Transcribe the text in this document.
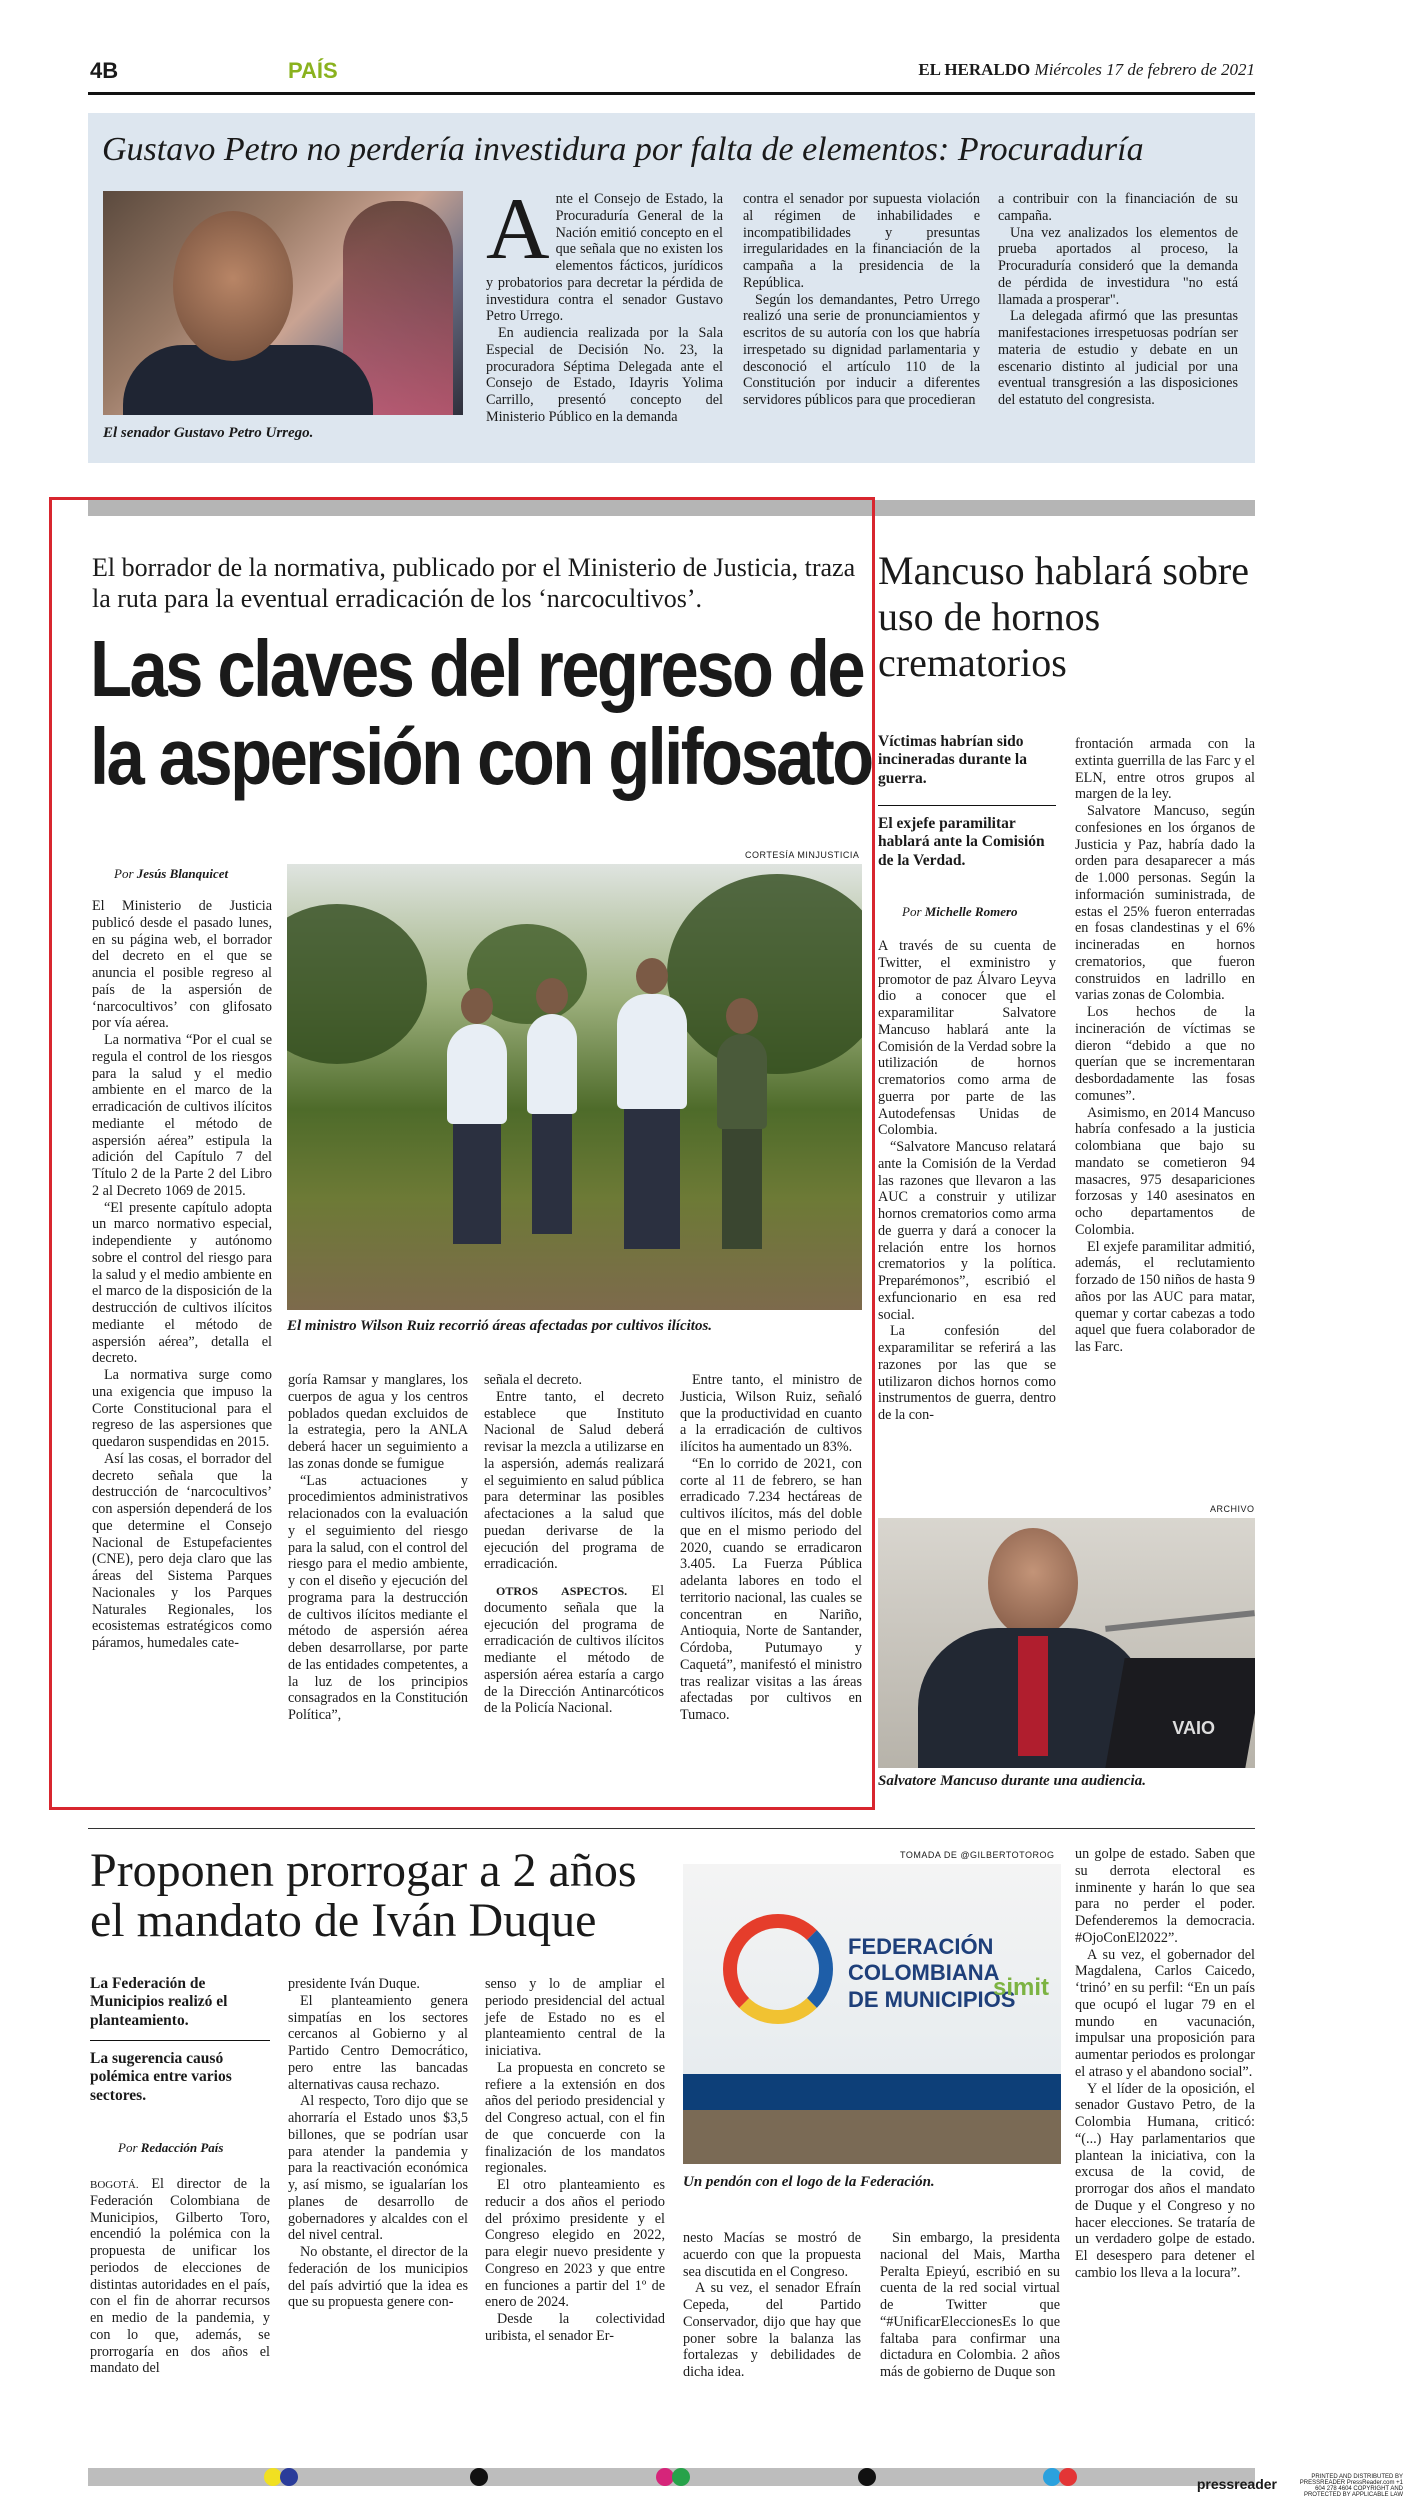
4B	PAÍS	EL HERALDO Miércoles 17 de febrero de 2021
Gustavo Petro no perdería investidura por falta de elementos: Procuraduría
El senador Gustavo Petro Urrego.
A nte el Consejo de Estado, la Procuraduría General de la Nación emitió concepto en el que señala que no existen los elementos fácticos, jurídicos y probatorios para decretar la pérdida de investidura contra el senador Gustavo Petro Urrego.

En audiencia realizada por la Sala Especial de Decisión No. 23, la procuradora Séptima Delegada ante el Consejo de Estado, Idayris Yolima Carrillo, presentó concepto del Ministerio Público en la demanda

contra el senador por supuesta violación al régimen de inhabilidades e incompatibilidades y presuntas irregularidades en la financiación de la campaña a la presidencia de la República.

Según los demandantes, Petro Urrego realizó una serie de pronunciamientos y escritos de su autoría con los que habría irrespetado su dignidad parlamentaria y desconoció el artículo 110 de la Constitución por inducir a diferentes servidores públicos para que procedieran

a contribuir con la financiación de su campaña.

Una vez analizados los elementos de prueba aportados al proceso, la Procuraduría consideró que la demanda de pérdida de investidura "no está llamada a prosperar".

La delegada afirmó que las presuntas manifestaciones irrespetuosas podrían ser materia de estudio y debate en un escenario distinto al judicial por una eventual transgresión a las disposiciones del estatuto del congresista.

El borrador de la normativa, publicado por el Ministerio de Justicia, traza la ruta para la eventual erradicación de los ‘narcocultivos’.
Las claves del regreso de
la aspersión con glifosato
CORTESÍA MINJUSTICIA
Por Jesús Blanquicet
El ministro Wilson Ruiz recorrió áreas afectadas por cultivos ilícitos.

El Ministerio de Justicia publicó desde el pasado lunes, en su página web, el borrador del decreto en el que se anuncia el posible regreso al país de la aspersión de ‘narcocultivos’ con glifosato por vía aérea.

La normativa “Por el cual se regula el control de los riesgos para la salud y el medio ambiente en el marco de la erradicación de cultivos ilícitos mediante el método de aspersión aérea” estipula la adición del Capítulo 7 del Título 2 de la Parte 2 del Libro 2 al Decreto 1069 de 2015.

“El presente capítulo adopta un marco normativo especial, independiente y autónomo sobre el control del riesgo para la salud y el medio ambiente en el marco de la disposición de la destrucción de cultivos ilícitos mediante el método de aspersión aérea”, detalla el decreto.

La normativa surge como una exigencia que impuso la Corte Constitucional para el regreso de las aspersiones que quedaron suspendidas en 2015.

Así las cosas, el borrador del decreto señala que la destrucción de ‘narcocultivos’ con aspersión dependerá de los que determine el Consejo Nacional de Estupefacientes (CNE), pero deja claro que las áreas del Sistema Parques Nacionales y los Parques Naturales Regionales, los ecosistemas estratégicos como páramos, humedales cate-

goría Ramsar y manglares, los cuerpos de agua y los centros poblados quedan excluidos de la estrategia, pero la ANLA deberá hacer un seguimiento a las zonas donde se fumigue

“Las actuaciones y procedimientos administrativos relacionados con la evaluación y el seguimiento del riesgo para la salud, con el control del riesgo para el medio ambiente, y con el diseño y ejecución del programa para la destrucción de cultivos ilícitos mediante el método de aspersión aérea deben desarrollarse, por parte de las entidades competentes, a la luz de los principios consagrados en la Constitución Política”,

señala el decreto.

Entre tanto, el decreto establece que Instituto Nacional de Salud deberá revisar la mezcla a utilizarse en la aspersión, además realizará el seguimiento en salud pública para determinar las posibles afectaciones a la salud que puedan derivarse de la ejecución del programa de erradicación.

OTROS ASPECTOS. El documento señala que la ejecución del programa de erradicación de cultivos ilícitos mediante el método de aspersión aérea estaría a cargo de la Dirección Antinarcóticos de la Policía Nacional.

Entre tanto, el ministro de Justicia, Wilson Ruiz, señaló que la productividad en cuanto a la erradicación de cultivos ilícitos ha aumentado un 83%.

“En lo corrido de 2021, con corte al 11 de febrero, se han erradicado 7.234 hectáreas de cultivos ilícitos, más del doble que en el mismo periodo del 2020, cuando se erradicaron 3.405. La Fuerza Pública adelanta labores en todo el territorio nacional, las cuales se concentran en Nariño, Antioquia, Norte de Santander, Córdoba, Putumayo y Caquetá”, manifestó el ministro tras realizar visitas a las áreas afectadas por cultivos en Tumaco.

Mancuso hablará sobre uso de hornos crematorios
Víctimas habrían sido incineradas durante la guerra.
El exjefe paramilitar hablará ante la Comisión de la Verdad.
Por Michelle Romero

A través de su cuenta de Twitter, el exministro y promotor de paz Álvaro Leyva dio a conocer que el exparamilitar Salvatore Mancuso hablará ante la Comisión de la Verdad sobre la utilización de hornos crematorios como arma de guerra por parte de las Autodefensas Unidas de Colombia.

“Salvatore Mancuso relatará ante la Comisión de la Verdad las razones que llevaron a las AUC a construir y utilizar hornos crematorios como arma de guerra y dará a conocer la relación entre los hornos crematorios y la política. Preparémonos”, escribió el exfuncionario en esa red social.

La confesión del exparamilitar se referirá a las razones por las que se utilizaron dichos hornos como instrumentos de guerra, dentro de la con-

frontación armada con la extinta guerrilla de las Farc y el ELN, entre otros grupos al margen de la ley.

Salvatore Mancuso, según confesiones en los órganos de Justicia y Paz, habría dado la orden para desaparecer a más de 1.000 personas. Según la información suministrada, de estas el 25% fueron enterradas en fosas clandestinas y el 6% incineradas en hornos crematorios, que fueron construidos en ladrillo en varias zonas de Colombia.

Los hechos de la incineración de víctimas se dieron “debido a que no querían que se incrementaran desbordadamente las fosas comunes”.

Asimismo, en 2014 Mancuso habría confesado a la justicia colombiana que bajo su mandato se cometieron 94 masacres, 975 desapariciones forzosas y 140 asesinatos en ocho departamentos de Colombia.

El exjefe paramilitar admitió, además, el reclutamiento forzado de 150 niños de hasta 9 años por las AUC para matar, quemar y cortar cabezas a todo aquel que fuera colaborador de las Farc.

ARCHIVO
VAIO
Salvatore Mancuso durante una audiencia.
Proponen prorrogar a 2 años
el mandato de Iván Duque
La Federación de Municipios realizó el planteamiento.
La sugerencia causó polémica entre varios sectores.
Por Redacción País

BOGOTÁ. El director de la Federación Colombiana de Municipios, Gilberto Toro, encendió la polémica con la propuesta de unificar los periodos de elecciones de distintas autoridades en el país, con el fin de ahorrar recursos en medio de la pandemia, y con lo que, además, se prorrogaría en dos años el mandato del

presidente Iván Duque.

El planteamiento genera simpatías en los sectores cercanos al Gobierno y al Partido Centro Democrático, pero entre las bancadas alternativas causa rechazo.

Al respecto, Toro dijo que se ahorraría el Estado unos $3,5 billones, que se podrían usar para atender la pandemia y para la reactivación económica y, así mismo, se igualarían los planes de desarrollo de gobernadores y alcaldes con el del nivel central.

No obstante, el director de la federación de los municipios del país advirtió que la idea es que su propuesta genere con-

senso y lo de ampliar el periodo presidencial del actual jefe de Estado no es el planteamiento central de la iniciativa.

La propuesta en concreto se refiere a la extensión en dos años del periodo presidencial y del Congreso actual, con el fin de que concuerde con la finalización de los mandatos regionales.

El otro planteamiento es reducir a dos años el periodo del próximo presidente y el Congreso elegido en 2022, para elegir nuevo presidente y Congreso en 2023 y que entre en funciones a partir del 1º de enero de 2024.

Desde la colectividad uribista, el senador Er-

TOMADA DE @GILBERTOTOROG
FEDERACIÓN
COLOMBIANA
DE MUNICIPIOS
simit
Un pendón con el logo de la Federación.

nesto Macías se mostró de acuerdo con que la propuesta sea discutida en el Congreso.

A su vez, el senador Efraín Cepeda, del Partido Conservador, dijo que hay que poner sobre la balanza las fortalezas y debilidades de dicha idea.

Sin embargo, la presidenta nacional del Mais, Martha Peralta Epieyú, escribió en su cuenta de la red social virtual de Twitter que “#UnificarEleccionesEs lo que faltaba para confirmar una dictadura en Colombia. 2 años más de gobierno de Duque son

un golpe de estado. Saben que su derrota electoral es inminente y harán lo que sea para no perder el poder. Defenderemos la democracia. #OjoConEl2022”.

A su vez, el gobernador del Magdalena, Carlos Caicedo, ‘trinó’ en su perfil: “En un país que ocupó el lugar 79 en el mundo en vacunación, impulsar una proposición para aumentar periodos es prolongar el atraso y el abandono social”.

Y el líder de la oposición, el senador Gustavo Petro, de la Colombia Humana, criticó: “(...) Hay parlamentarios que plantean la iniciativa, con la excusa de la covid, de prorrogar dos años el mandato de Duque y el Congreso y no hacer elecciones. Se trataría de un verdadero golpe de estado. El desespero para detener el cambio los lleva a la locura”.

pressreader	PRINTED AND DISTRIBUTED BY PRESSREADER PressReader.com +1 604 278 4604 COPYRIGHT AND PROTECTED BY APPLICABLE LAW
